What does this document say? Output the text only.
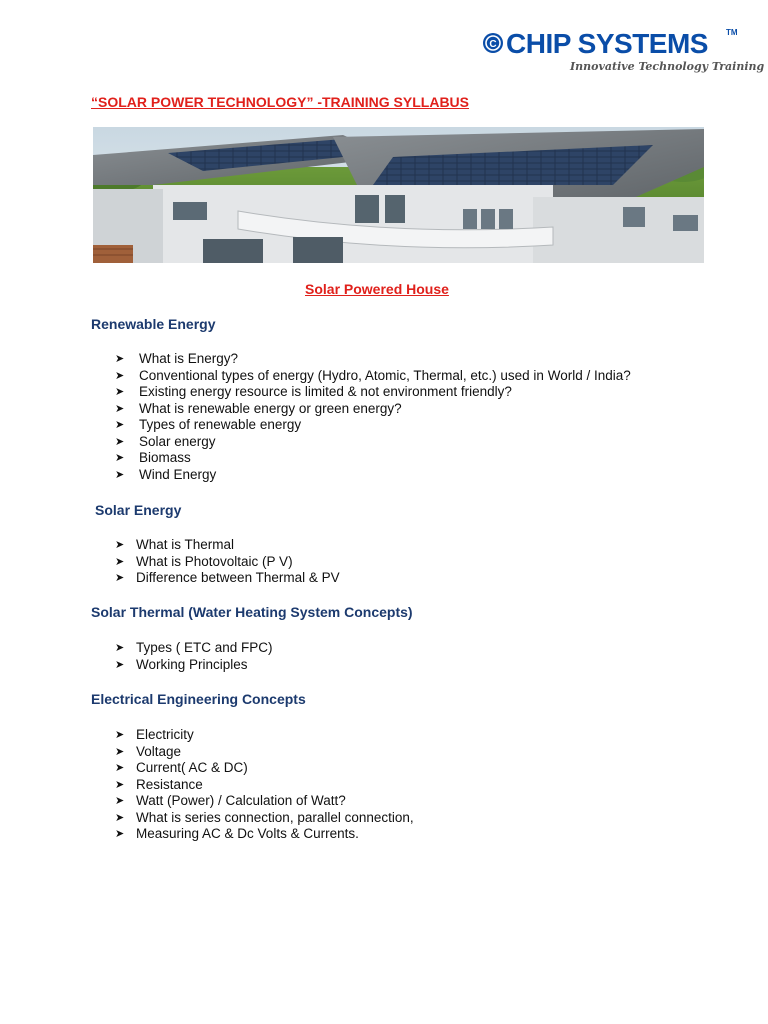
C CHIP SYSTEMS TM
Innovative Technology Training
“SOLAR POWER TECHNOLOGY” -TRAINING SYLLABUS
Solar Powered House
Renewable Energy
➤ What is Energy?
➤ Conventional types of energy (Hydro, Atomic, Thermal, etc.) used in World / India?
➤ Existing energy resource is limited & not environment friendly?
➤ What is renewable energy or green energy?
➤ Types of renewable energy
➤ Solar energy
➤ Biomass
➤ Wind Energy
Solar Energy
➤ What is Thermal
➤ What is Photovoltaic (P V)
➤ Difference between Thermal & PV
Solar Thermal (Water Heating System Concepts)
➤ Types ( ETC and FPC)
➤ Working Principles
Electrical Engineering Concepts
➤ Electricity
➤ Voltage
➤ Current( AC & DC)
➤ Resistance
➤ Watt (Power) / Calculation of Watt?
➤ What is series connection, parallel connection,
➤ Measuring AC & Dc Volts & Currents.
